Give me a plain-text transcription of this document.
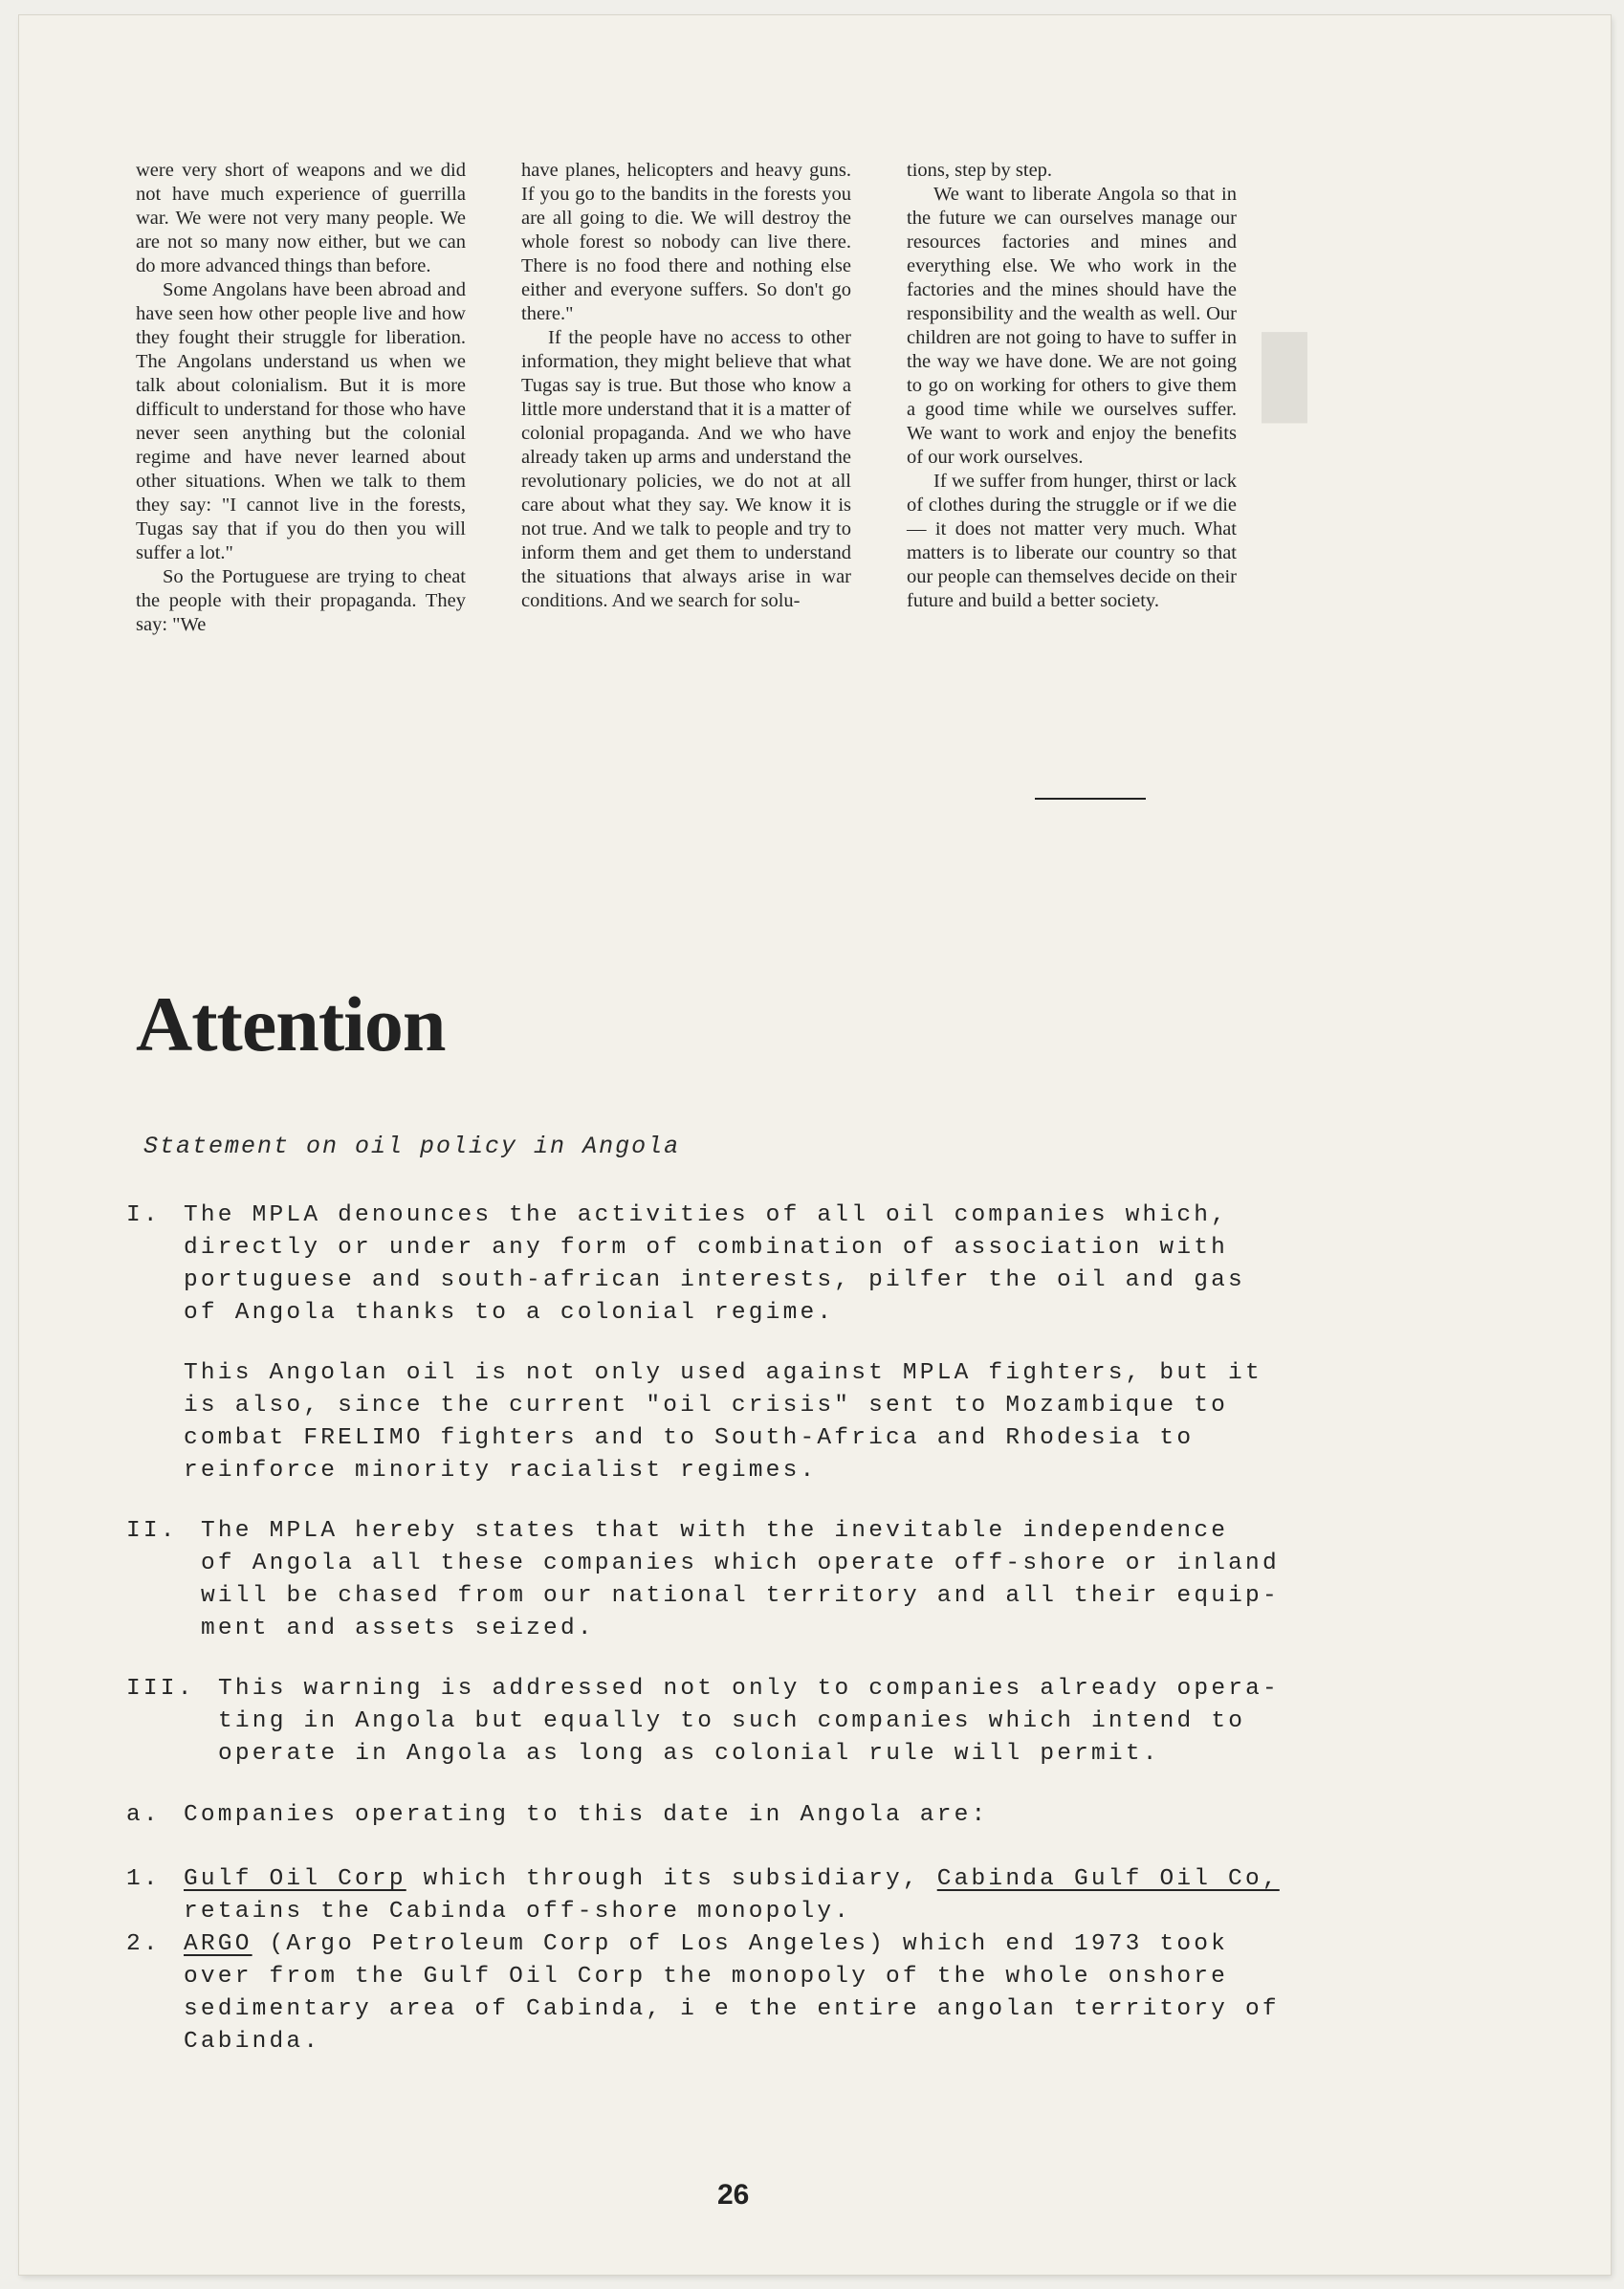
▮

were very short of weapons and we did not have much experience of guerrilla war. We were not very many people. We are not so many now either, but we can do more advanced things than before.

Some Angolans have been abroad and have seen how other people live and how they fought their struggle for liberation. The Angolans understand us when we talk about colonialism. But it is more difficult to understand for those who have never seen anything but the colonial regime and have never learned about other situations. When we talk to them they say: "I cannot live in the forests, Tugas say that if you do then you will suffer a lot."

So the Portuguese are trying to cheat the people with their propaganda. They say: "We

have planes, helicopters and heavy guns. If you go to the bandits in the forests you are all going to die. We will destroy the whole forest so nobody can live there. There is no food there and nothing else either and everyone suffers. So don't go there."

If the people have no access to other information, they might believe that what Tugas say is true. But those who know a little more understand that it is a matter of colonial propaganda. And we who have already taken up arms and understand the revolutionary policies, we do not at all care about what they say. We know it is not true. And we talk to people and try to inform them and get them to understand the situations that always arise in war conditions. And we search for solu-

tions, step by step.

We want to liberate Angola so that in the future we can ourselves manage our resources factories and mines and everything else. We who work in the factories and the mines should have the responsibility and the wealth as well. Our children are not going to have to suffer in the way we have done. We are not going to go on working for others to give them a good time while we ourselves suffer. We want to work and enjoy the benefits of our work ourselves.

If we suffer from hunger, thirst or lack of clothes during the struggle or if we die — it does not matter very much. What matters is to liberate our country so that our people can themselves decide on their future and build a better society.

Attention
Statement on oil policy in Angola
I. The MPLA denounces the activities of all oil companies which,
directly or under any form of combination of association with
portuguese and south-african interests, pilfer the oil and gas
of Angola thanks to a colonial regime.
This Angolan oil is not only used against MPLA fighters, but it
is also, since the current "oil crisis" sent to Mozambique to
combat FRELIMO fighters and to South-Africa and Rhodesia to
reinforce minority racialist regimes.
II. The MPLA hereby states that with the inevitable independence
of Angola all these companies which operate off-shore or inland
will be chased from our national territory and all their equip-
ment and assets seized.
III. This warning is addressed not only to companies already opera-
ting in Angola but equally to such companies which intend to
operate in Angola as long as colonial rule will permit.
a. Companies operating to this date in Angola are:
1. Gulf Oil Corp which through its subsidiary, Cabinda Gulf Oil Co,
retains the Cabinda off-shore monopoly.
2. ARGO (Argo Petroleum Corp of Los Angeles) which end 1973 took
over from the Gulf Oil Corp the monopoly of the whole onshore
sedimentary area of Cabinda, i e the entire angolan territory of
Cabinda.
26
